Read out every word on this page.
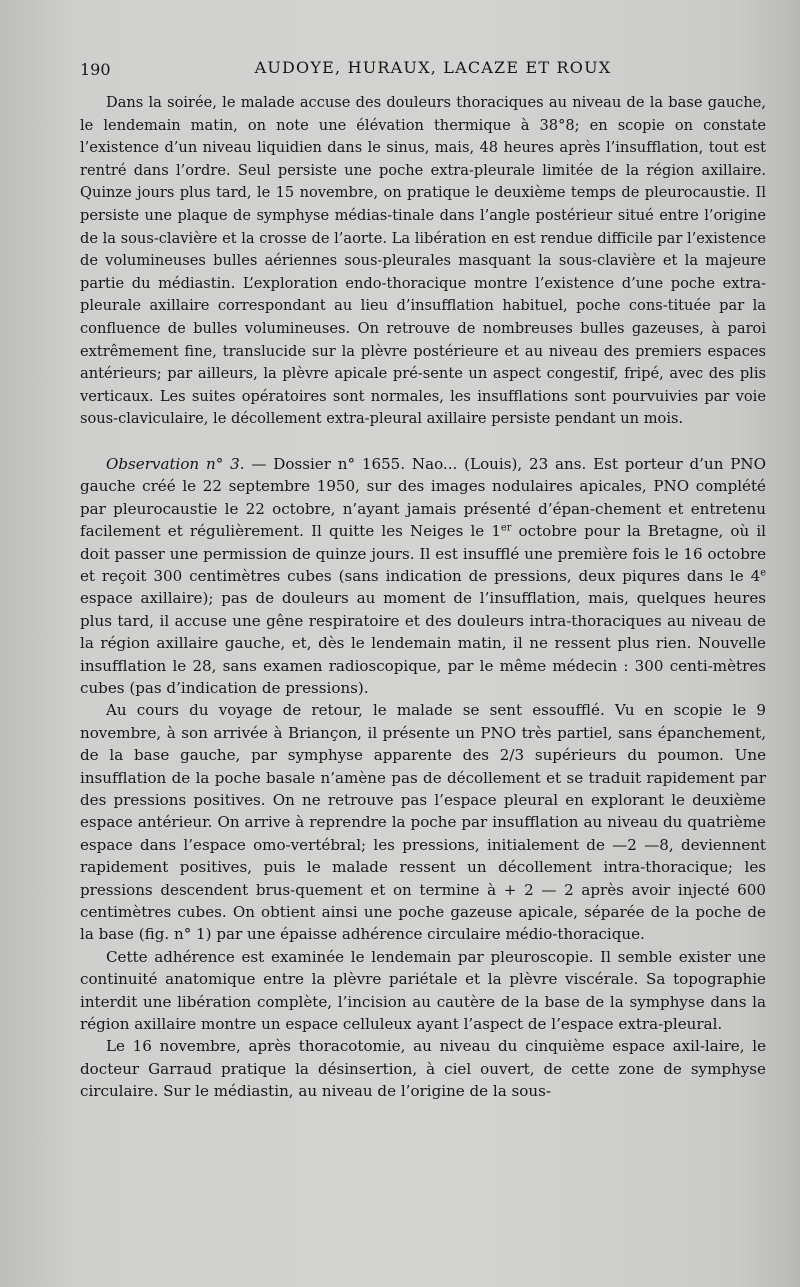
190	AUDOYE, HURAUX, LACAZE ET ROUX

Dans la soirée, le malade accuse des douleurs thoraciques au niveau de la base gauche, le lendemain matin, on note une élévation thermique à 38°8; en scopie on constate l’existence d’un niveau liquidien dans le sinus, mais, 48 heures après l’insufflation, tout est rentré dans l’ordre. Seul persiste une poche extra-pleurale limitée de la région axillaire. Quinze jours plus tard, le 15 novembre, on pratique le deuxième temps de pleurocaustie. Il persiste une plaque de symphyse médias-tinale dans l’angle postérieur situé entre l’origine de la sous-clavière et la crosse de l’aorte. La libération en est rendue difficile par l’existence de volumineuses bulles aériennes sous-pleurales masquant la sous-clavière et la majeure partie du médiastin. L’exploration endo-thoracique montre l’existence d’une poche extra-pleurale axillaire correspondant au lieu d’insufflation habituel, poche cons-tituée par la confluence de bulles volumineuses. On retrouve de nombreuses bulles gazeuses, à paroi extrêmement fine, translucide sur la plèvre postérieure et au niveau des premiers espaces antérieurs; par ailleurs, la plèvre apicale pré-sente un aspect congestif, fripé, avec des plis verticaux. Les suites opératoires sont normales, les insufflations sont pourvuivies par voie sous-claviculaire, le décollement extra-pleural axillaire persiste pendant un mois.

Observation n° 3. — Dossier n° 1655. Nao... (Louis), 23 ans. Est porteur d’un PNO gauche créé le 22 septembre 1950, sur des images nodulaires apicales, PNO complété par pleurocaustie le 22 octobre, n’ayant jamais présenté d’épan-chement et entretenu facilement et régulièrement. Il quitte les Neiges le 1er octobre pour la Bretagne, où il doit passer une permission de quinze jours. Il est insufflé une première fois le 16 octobre et reçoit 300 centimètres cubes (sans indication de pressions, deux piqures dans le 4e espace axillaire); pas de douleurs au moment de l’insufflation, mais, quelques heures plus tard, il accuse une gêne respiratoire et des douleurs intra-thoraciques au niveau de la région axillaire gauche, et, dès le lendemain matin, il ne ressent plus rien. Nouvelle insufflation le 28, sans examen radioscopique, par le même médecin : 300 centi-mètres cubes (pas d’indication de pressions).

Au cours du voyage de retour, le malade se sent essoufflé. Vu en scopie le 9 novembre, à son arrivée à Briançon, il présente un PNO très partiel, sans épanchement, de la base gauche, par symphyse apparente des 2/3 supérieurs du poumon. Une insufflation de la poche basale n’amène pas de décollement et se traduit rapidement par des pressions positives. On ne retrouve pas l’espace pleural en explorant le deuxième espace antérieur. On arrive à reprendre la poche par insufflation au niveau du quatrième espace dans l’espace omo-vertébral; les pressions, initialement de —2 —8, deviennent rapidement positives, puis le malade ressent un décollement intra-thoracique; les pressions descendent brus-quement et on termine à + 2 — 2 après avoir injecté 600 centimètres cubes. On obtient ainsi une poche gazeuse apicale, séparée de la poche de la base (fig. n° 1) par une épaisse adhérence circulaire médio-thoracique.

Cette adhérence est examinée le lendemain par pleuroscopie. Il semble exister une continuité anatomique entre la plèvre pariétale et la plèvre viscérale. Sa topographie interdit une libération complète, l’incision au cautère de la base de la symphyse dans la région axillaire montre un espace celluleux ayant l’aspect de l’espace extra-pleural.

Le 16 novembre, après thoracotomie, au niveau du cinquième espace axil-laire, le docteur Garraud pratique la désinsertion, à ciel ouvert, de cette zone de symphyse circulaire. Sur le médiastin, au niveau de l’origine de la sous-
